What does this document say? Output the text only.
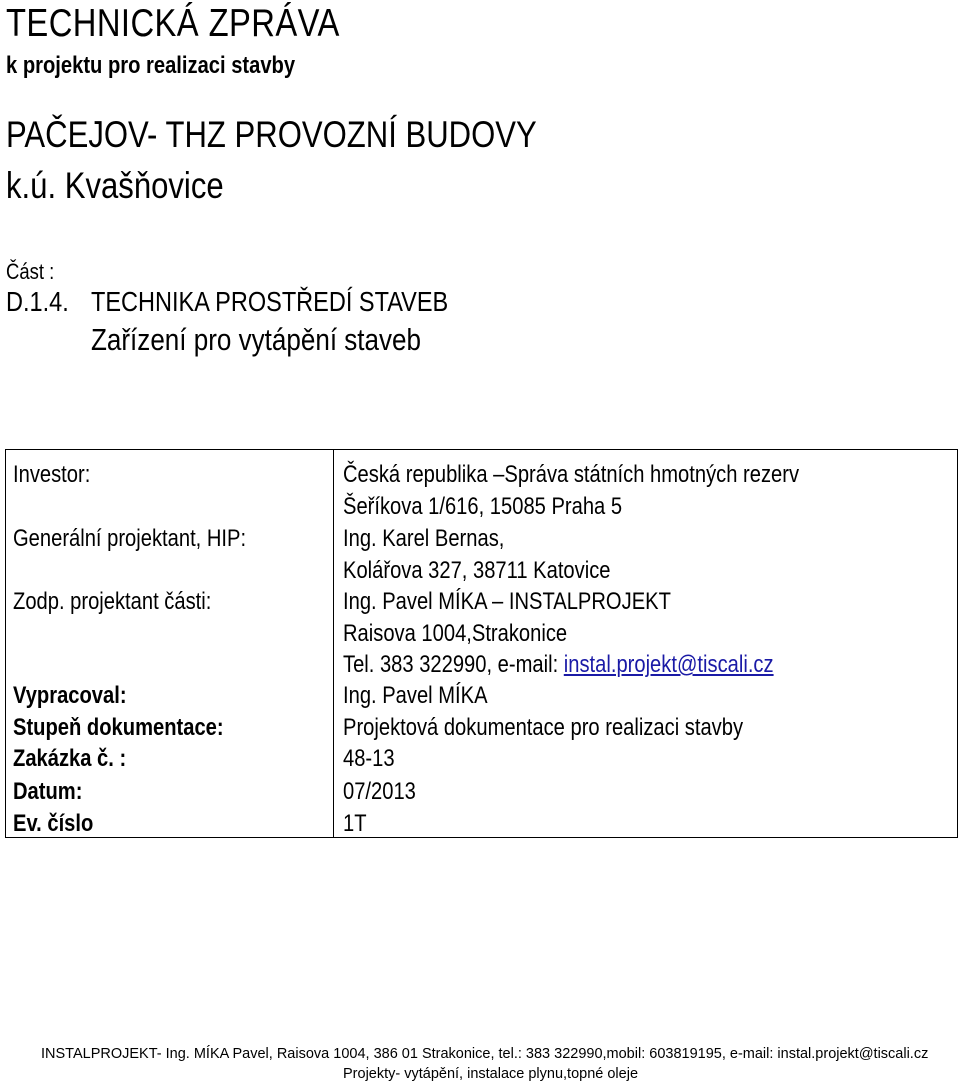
TECHNICKÁ ZPRÁVA
k projektu pro realizaci stavby
PAČEJOV- THZ PROVOZNÍ BUDOVY
k.ú. Kvašňovice
Část :
D.1.4. TECHNIKA PROSTŘEDÍ STAVEB
Zařízení pro vytápění staveb
Investor:
Generální projektant, HIP:
Zodp. projektant části:
Vypracoval:
Stupeň dokumentace:
Zakázka č. :
Datum:
Ev. číslo
Česká republika –Správa státních hmotných rezerv
Šeříkova 1/616, 15085 Praha 5
Ing. Karel Bernas,
Kolářova 327, 38711 Katovice
Ing. Pavel MÍKA – INSTALPROJEKT
Raisova 1004,Strakonice
Tel. 383 322990, e-mail: instal.projekt@tiscali.cz
Ing. Pavel MÍKA
Projektová dokumentace pro realizaci stavby
48-13
07/2013
1T
INSTALPROJEKT- Ing. MÍKA Pavel, Raisova 1004, 386 01 Strakonice, tel.: 383 322990,mobil: 603819195, e-mail: instal.projekt@tiscali.cz
Projekty- vytápění, instalace plynu,topné oleje
